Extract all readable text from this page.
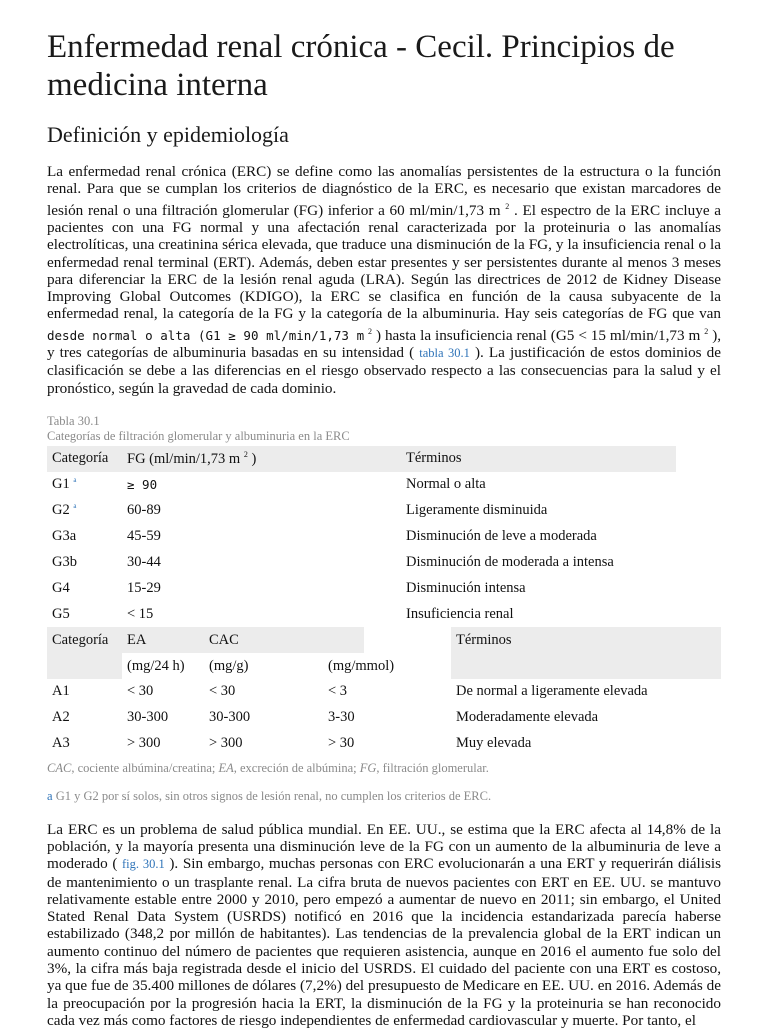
Enfermedad renal crónica - Cecil. Principios de medicina interna
Definición y epidemiología

La enfermedad renal crónica (ERC) se define como las anomalías persistentes de la estructura o la función renal. Para que se cumplan los criterios de diagnóstico de la ERC, es necesario que existan marcadores de lesión renal o una filtración glomerular (FG) inferior a 60 ml/min/1,73 m $^2$ . El espectro de la ERC incluye a pacientes con una FG normal y una afectación renal caracterizada por la proteinuria o las anomalías electrolíticas, una creatinina sérica elevada, que traduce una disminución de la FG, y la insuficiencia renal o la enfermedad renal terminal (ERT). Además, deben estar presentes y ser persistentes durante al menos 3 meses para diferenciar la ERC de la lesión renal aguda (LRA). Según las directrices de 2012 de Kidney Disease Improving Global Outcomes (KDIGO), la ERC se clasifica en función de la causa subyacente de la enfermedad renal, la categoría de la FG y la categoría de la albuminuria. Hay seis categorías de FG que van desde normal o alta (G1 ≥ 90 ml/min/1,73 m $^2$ ) hasta la insuficiencia renal (G5 < 15 ml/min/1,73 m $^2$ ), y tres categorías de albuminuria basadas en su intensidad ( tabla 30.1 ). La justificación de estos dominios de clasificación se debe a las diferencias en el riesgo observado respecto a las consecuencias para la salud y el pronóstico, según la gravedad de cada dominio.

Tabla 30.1
Categorías de filtración glomerular y albuminuria en la ERC
Categoría	FG (ml/min/1,73 m $^2$ )	Términos
G1 $^a$	≥ 90	Normal o alta
G2 $^a$	60-89	Ligeramente disminuida
G3a	45-59	Disminución de leve a moderada
G3b	30-44	Disminución de moderada a intensa
G4	15-29	Disminución intensa
G5	< 15	Insuficiencia renal
Categoría	EA	CAC		Términos
	(mg/24 h)	(mg/g)	(mg/mmol)	
A1	< 30	< 30	< 3	De normal a ligeramente elevada
A2	30-300	30-300	3-30	Moderadamente elevada
A3	> 300	> 300	> 30	Muy elevada
CAC, cociente albúmina/creatina; EA, excreción de albúmina; FG, filtración glomerular.
a G1 y G2 por sí solos, sin otros signos de lesión renal, no cumplen los criterios de ERC.

La ERC es un problema de salud pública mundial. En EE. UU., se estima que la ERC afecta al 14,8% de la población, y la mayoría presenta una disminución leve de la FG con un aumento de la albuminuria de leve a moderado ( fig. 30.1 ). Sin embargo, muchas personas con ERC evolucionarán a una ERT y requerirán diálisis de mantenimiento o un trasplante renal. La cifra bruta de nuevos pacientes con ERT en EE. UU. se mantuvo relativamente estable entre 2000 y 2010, pero empezó a aumentar de nuevo en 2011; sin embargo, el United Stated Renal Data System (USRDS) notificó en 2016 que la incidencia estandarizada parecía haberse estabilizado (348,2 por millón de habitantes). Las tendencias de la prevalencia global de la ERT indican un aumento continuo del número de pacientes que requieren asistencia, aunque en 2016 el aumento fue solo del 3%, la cifra más baja registrada desde el inicio del USRDS. El cuidado del paciente con una ERT es costoso, ya que fue de 35.400 millones de dólares (7,2%) del presupuesto de Medicare en EE. UU. en 2016. Además de la preocupación por la progresión hacia la ERT, la disminución de la FG y la proteinuria se han reconocido cada vez más como factores de riesgo independientes de enfermedad cardiovascular y muerte. Por tanto, el
